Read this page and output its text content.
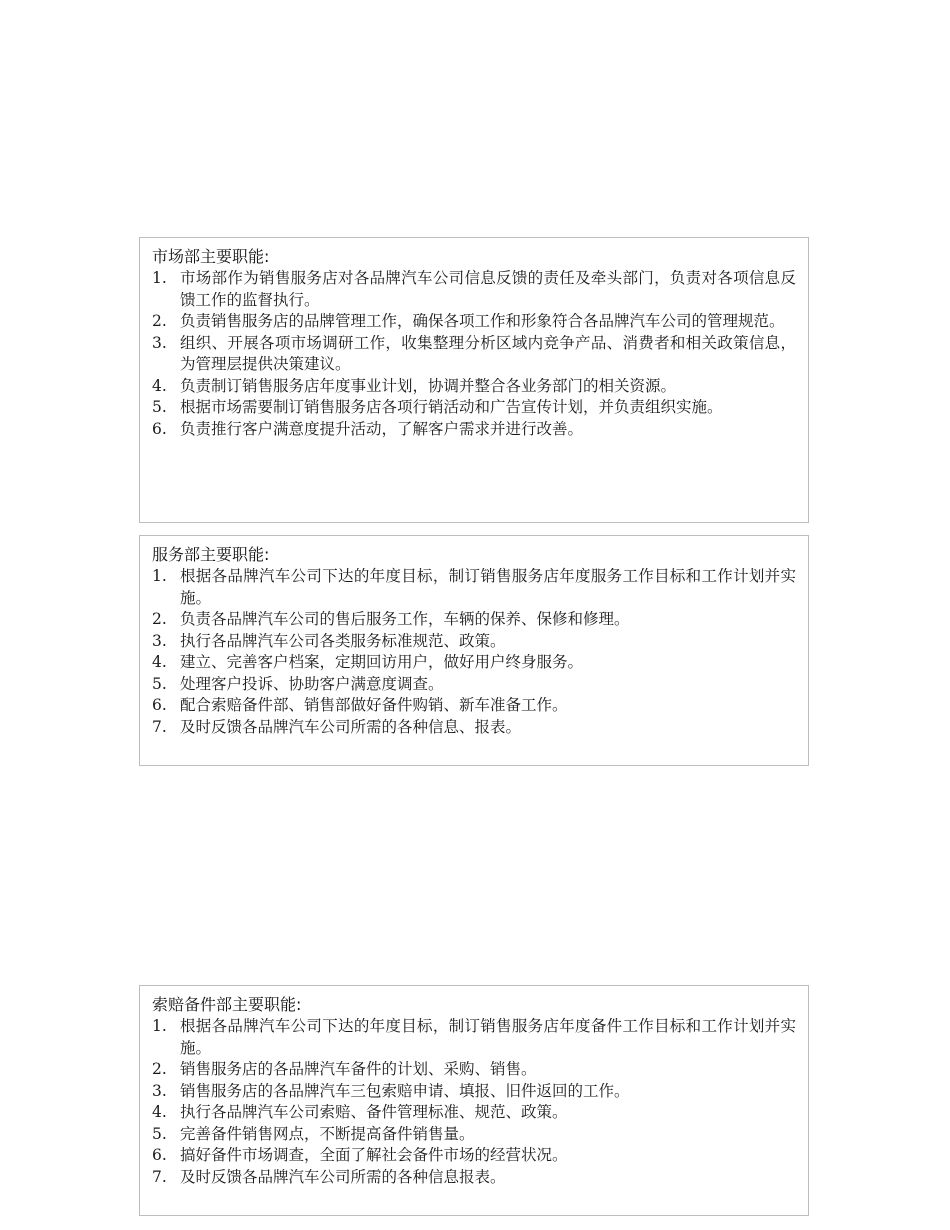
市场部主要职能:
1. 市场部作为销售服务店对各品牌汽车公司信息反馈的责任及牵头部门，负责对各项信息反馈工作的监督执行。
2. 负责销售服务店的品牌管理工作，确保各项工作和形象符合各品牌汽车公司的管理规范。
3. 组织、开展各项市场调研工作，收集整理分析区域内竞争产品、消费者和相关政策信息，为管理层提供决策建议。
4. 负责制订销售服务店年度事业计划，协调并整合各业务部门的相关资源。
5. 根据市场需要制订销售服务店各项行销活动和广告宣传计划，并负责组织实施。
6. 负责推行客户满意度提升活动，了解客户需求并进行改善。
服务部主要职能:
1. 根据各品牌汽车公司下达的年度目标，制订销售服务店年度服务工作目标和工作计划并实施。
2. 负责各品牌汽车公司的售后服务工作，车辆的保养、保修和修理。
3. 执行各品牌汽车公司各类服务标准规范、政策。
4. 建立、完善客户档案，定期回访用户，做好用户终身服务。
5. 处理客户投诉、协助客户满意度调查。
6. 配合索赔备件部、销售部做好备件购销、新车准备工作。
7. 及时反馈各品牌汽车公司所需的各种信息、报表。
索赔备件部主要职能:
1. 根据各品牌汽车公司下达的年度目标，制订销售服务店年度备件工作目标和工作计划并实施。
2. 销售服务店的各品牌汽车备件的计划、采购、销售。
3. 销售服务店的各品牌汽车三包索赔申请、填报、旧件返回的工作。
4. 执行各品牌汽车公司索赔、备件管理标准、规范、政策。
5. 完善备件销售网点，不断提高备件销售量。
6. 搞好备件市场调查，全面了解社会备件市场的经营状况。
7. 及时反馈各品牌汽车公司所需的各种信息报表。
